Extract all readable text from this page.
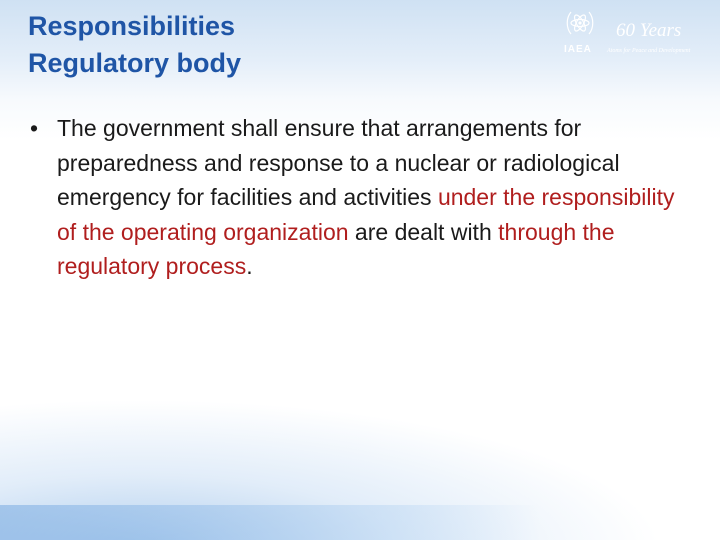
Responsibilities
Regulatory body	IAEA
60 Years
Atoms for Peace and Development
• The government shall ensure that arrangements for preparedness and response to a nuclear or radiological emergency for facilities and activities under the responsibility of the operating organization are dealt with through the regulatory process.
